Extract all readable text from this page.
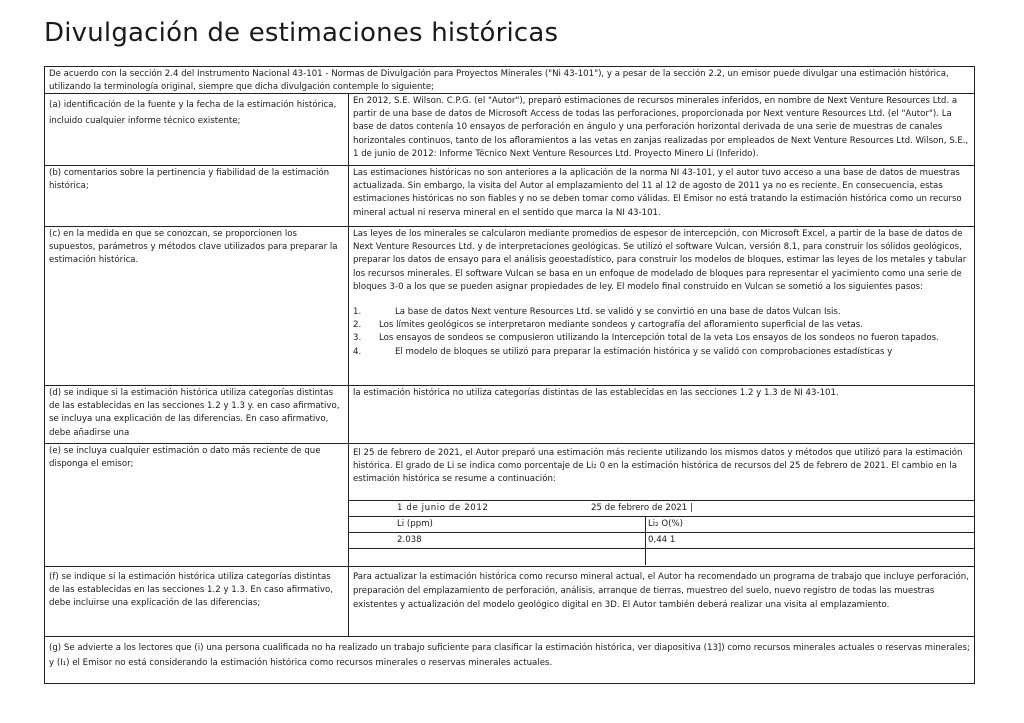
Divulgación de estimaciones históricas
De acuerdo con la sección 2.4 del Instrumento Nacional 43-101 - Normas de Divulgación para Proyectos Minerales ("Ni 43-101"), y a pesar de la sección 2.2, un emisor puede divulgar una estimación histórica, utilizando la terminología original, siempre que dicha divulgación contemple lo siguiente;
(a) identificación de la fuente y la fecha de la estimación histórica, incluido cualquier informe técnico existente;
En 2012, S.E. Wilson. C.P.G. (el "Autor"), preparó estimaciones de recursos minerales inferidos, en nombre de Next Venture Resources Ltd. a partir de una base de datos de Microsoft Access de todas las perforaciones, proporcionada por Next venture Resources Ltd. (el "Autor"). La base de datos contenía 10 ensayos de perforación en ángulo y una perforación horizontal derivada de una serie de muestras de canales horizontales continuos, tanto de los afloramientos a las vetas en zanjas realizadas por empleados de Next Venture Resources Ltd. Wilson, S.E., 1 de junio de 2012: Informe Técnico Next Venture Resources Ltd. Proyecto Minero Li (Inferido).
(b) comentarios sobre la pertinencia y fiabilidad de la estimación histórica;
Las estimaciones históricas no son anteriores a la aplicación de la norma NI 43-101, y el autor tuvo acceso a una base de datos de muestras actualizada. Sin embargo, la visita del Autor al emplazamiento del 11 al 12 de agosto de 2011 ya no es reciente. En consecuencia, estas estimaciones históricas no son fiables y no se deben tomar como válidas. El Emisor no está tratando la estimación histórica como un recurso mineral actual ni reserva mineral en el sentido que marca la NI 43-101.
(c) en la medida en que se conozcan, se proporcionen los supuestos, parámetros y métodos clave utilizados para preparar la estimación histórica.
Las leyes de los minerales se calcularon mediante promedios de espesor de intercepción, con Microsoft Excel, a partir de la base de datos de Next Venture Resources Ltd. y de interpretaciones geológicas. Se utilizó el software Vulcan, versión 8.1, para construir los sólidos geológicos, preparar los datos de ensayo para el análisis geoestadístico, para construir los modelos de bloques, estimar las leyes de los metales y tabular los recursos minerales. El software Vulcan se basa en un enfoque de modelado de bloques para representar el yacimiento como una serie de bloques 3-0 a los que se pueden asignar propiedades de ley. El modelo final construido en Vulcan se sometió a los siguientes pasos:
1.	La base de datos Next venture Resources Ltd. se validó y se convirtió en una base de datos Vulcan Isis.
2. Los límites geológicos se interpretaron mediante sondeos y cartografía del afloramiento superficial de las vetas.
3. Los ensayos de sondeos se compusieron utilizando la Intercepción total de la veta Los ensayos de los sondeos no fueron tapados.
4.	El modelo de bloques se utilizó para preparar la estimación histórica y se validó con comprobaciones estadísticas y
(d) se indique si la estimación histórica utiliza categorías distintas de las establecidas en las secciones 1.2 y 1.3 y. en caso afirmativo, se incluya una explicación de las diferencias. En caso afirmativo, debe añadirse una
la estimación histórica no utiliza categorías distintas de las establecidas en las secciones 1.2 y 1.3 de NI 43-101.
(e) se incluya cualquier estimación o dato más reciente de que disponga el emisor;
El 25 de febrero de 2021, el Autor preparó una estimación más reciente utilizando los mismos datos y métodos que utilizó para la estimación histórica. El grado de Li se indica como porcentaje de Li₂ 0 en la estimación histórica de recursos del 25 de febrero de 2021. El cambio en la estimación histórica se resume a continuación:
1 de junio de 2012	25 de febrero de 2021 |
Li (ppm)	Li₂ O(%)
2.038	0,44 1
(f) se indique si la estimación histórica utiliza categorías distintas de las establecidas en las secciones 1.2 y 1.3. En caso afirmativo, debe incluirse una explicación de las diferencias;
Para actualizar la estimación histórica como recurso mineral actual, el Autor ha recomendado un programa de trabajo que incluye perforación, preparación del emplazamiento de perforación, análisis, arranque de tierras, muestreo del suelo, nuevo registro de todas las muestras existentes y actualización del modelo geológico digital en 3D. El Autor también deberá realizar una visita al emplazamiento.
(g) Se advierte a los lectores que (i) una persona cualificada no ha realizado un trabajo suficiente para clasificar la estimación histórica, ver diapositiva (13]) como recursos minerales actuales o reservas minerales; y (I₁) el Emisor no está considerando la estimación histórica como recursos minerales o reservas minerales actuales.
